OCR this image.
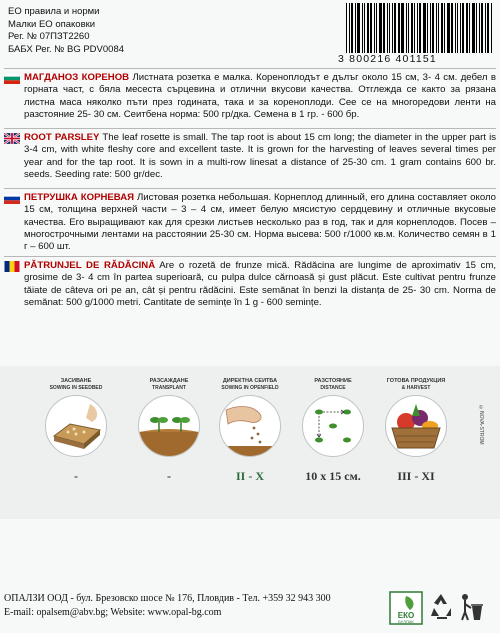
ЕО правила и норми
Малки ЕО опаковки
Рег. № 07ПЗТ2260
БАБХ Рег. № BG PDV0084
3 800216 401151
МАГДАНОЗ КОРЕНОВ Листната розетка е малка. Кореноплодът е дълъг около 15 см, 3- 4 см. дебел в горната част, с бяла месеста сърцевина и отлични вкусови качества. Отглежда се както за рязана листна маса няколко пъти през годината, така и за кореноплоди. Сее се на многоредови ленти на разстояние 25- 30 см. Сеитбена норма: 500 гр/дка. Семена в 1 гр. - 600 бр.
ROOT PARSLEY The leaf rosette is small. The tap root is about 15 cm long; the diameter in the upper part is 3-4 cm, with white fleshy core and excellent taste. It is grown for the harvesting of leaves several times per year and for the tap root. It is sown in a multi-row linesat a distance of 25-30 cm. 1 gram contains 600 br. seeds. Seeding rate: 500 gr/dec.
ПЕТРУШКА КОРНЕВАЯ Листовая розетка небольшая. Корнеплод длинный, его длина составляет около 15 см, толщина верхней части – 3 – 4 см, имеет белую мясистую сердцевину и отличные вкусовые качества. Его выращивают как для срезки листьев несколько раз в год, так и для корнеплодов. Посев – многострочными лентами на расстоянии 25-30 см. Норма высева: 500 г/1000 кв.м. Количество семян в 1 г – 600 шт.
PĂTRUNJEL DE RĂDĂCINĂ Are o rozetă de frunze mică. Rădăcina are lungime de aproximativ 15 cm, grosime de 3- 4 cm în partea superioară, cu pulpa dulce cărnoasă și gust plăcut. Este cultivat pentru frunze tăiate de câteva ori pe an, cât și pentru rădăcini. Este semănat în benzi la distanța de 25- 30 cm. Norma de semănat: 500 g/1000 metri. Cantitate de semințe în 1 g - 600 semințe.
ЗАСИВАНЕ
SOWING IN SEEDBED
-
РАЗСАЖДАНЕ
TRANSPLANT
-
ДИРЕКТНА СЕИТБА
SOWING IN OPENFIELD
II - X
РАЗСТОЯНИЕ
DISTANCE
10 x 15 см.
ГОТОВА ПРОДУКЦИЯ
& HARVEST
III - XI
©NOVA-STROM
ОПАЛЗИ ООД - бул. Брезовско шосе № 176, Пловдив - Тел. +359 32 943 300
E-mail: opalsem@abv.bg; Website: www.opal-bg.com	ЕКО
БУЛПАК
